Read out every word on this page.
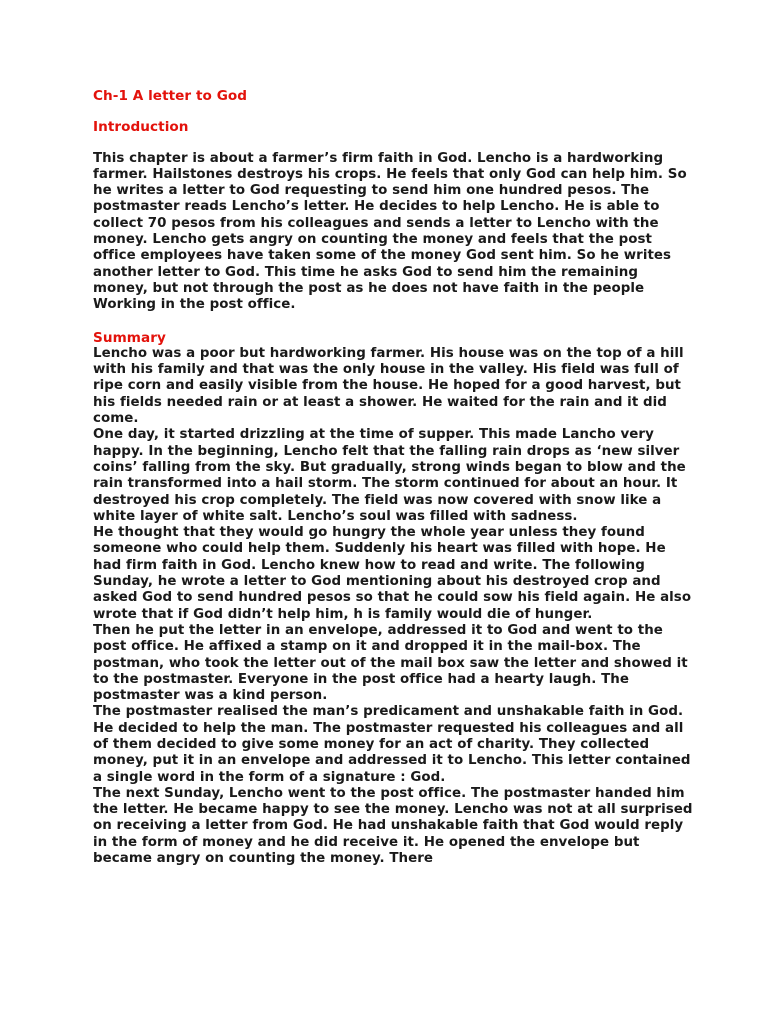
Ch-1 A letter to God

Introduction

This chapter is about a farmer’s firm faith in God. Lencho is a hardworking farmer. Hailstones destroys his crops. He feels that only God can help him. So he writes a letter to God requesting to send him one hundred pesos. The postmaster reads Lencho’s letter. He decides to help Lencho. He is able to collect 70 pesos from his colleagues and sends a letter to Lencho with the money. Lencho gets angry on counting the money and feels that the post office employees have taken some of the money God sent him. So he writes another letter to God. This time he asks God to send him the remaining money, but not through the post as he does not have faith in the people Working in the post office.

Summary

Lencho was a poor but hardworking farmer. His house was on the top of a hill with his family and that was the only house in the valley. His field was full of ripe corn and easily visible from the house. He hoped for a good harvest, but his fields needed rain or at least a shower. He waited for the rain and it did come.

One day, it started drizzling at the time of supper. This made Lancho very happy. In the beginning, Lencho felt that the falling rain drops as ‘new silver coins’ falling from the sky. But gradually, strong winds began to blow and the rain transformed into a hail storm. The storm continued for about an hour. It destroyed his crop completely. The field was now covered with snow like a white layer of white salt. Lencho’s soul was filled with sadness.

He thought that they would go hungry the whole year unless they found someone who could help them. Suddenly his heart was filled with hope. He had firm faith in God. Lencho knew how to read and write. The following Sunday, he wrote a letter to God mentioning about his destroyed crop and asked God to send hundred pesos so that he could sow his field again. He also wrote that if God didn’t help him, h is family would die of hunger.

Then he put the letter in an envelope, addressed it to God and went to the post office. He affixed a stamp on it and dropped it in the mail-box. The postman, who took the letter out of the mail box saw the letter and showed it to the postmaster. Everyone in the post office had a hearty laugh. The postmaster was a kind person.

The postmaster realised the man’s predicament and unshakable faith in God. He decided to help the man. The postmaster requested his colleagues and all of them decided to give some money for an act of charity. They collected money, put it in an envelope and addressed it to Lencho. This letter contained a single word in the form of a signature : God.

The next Sunday, Lencho went to the post office. The postmaster handed him the letter. He became happy to see the money. Lencho was not at all surprised on receiving a letter from God. He had unshakable faith that God would reply in the form of money and he did receive it. He opened the envelope but became angry on counting the money. There
